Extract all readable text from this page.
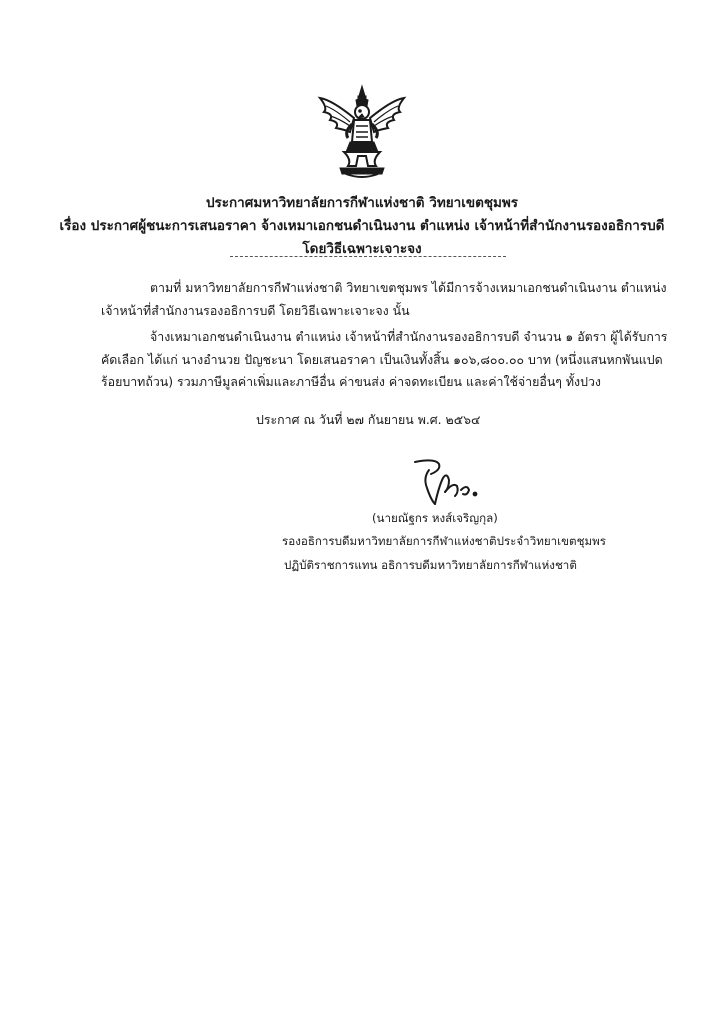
ประกาศมหาวิทยาลัยการกีฬาแห่งชาติ วิทยาเขตชุมพร
เรื่อง ประกาศผู้ชนะการเสนอราคา จ้างเหมาเอกชนดำเนินงาน ตำแหน่ง เจ้าหน้าที่สำนักงานรองอธิการบดี
โดยวิธีเฉพาะเจาะจง
ตามที่ มหาวิทยาลัยการกีฬาแห่งชาติ วิทยาเขตชุมพร ได้มีการจ้างเหมาเอกชนดำเนินงาน ตำแหน่ง
เจ้าหน้าที่สำนักงานรองอธิการบดี โดยวิธีเฉพาะเจาะจง นั้น
จ้างเหมาเอกชนดำเนินงาน ตำแหน่ง เจ้าหน้าที่สำนักงานรองอธิการบดี จำนวน ๑ อัตรา ผู้ได้รับการ
คัดเลือก ได้แก่ นางอำนวย ปัญชะนา โดยเสนอราคา เป็นเงินทั้งสิ้น ๑๐๖,๘๐๐.๐๐ บาท (หนึ่งแสนหกพันแปด
ร้อยบาทถ้วน) รวมภาษีมูลค่าเพิ่มและภาษีอื่น ค่าขนส่ง ค่าจดทะเบียน และค่าใช้จ่ายอื่นๆ ทั้งปวง
ประกาศ ณ วันที่ ๒๗ กันยายน พ.ศ. ๒๕๖๔
(นายณัฐกร หงส์เจริญกุล)
รองอธิการบดีมหาวิทยาลัยการกีฬาแห่งชาติประจำวิทยาเขตชุมพร
ปฏิบัติราชการแทน อธิการบดีมหาวิทยาลัยการกีฬาแห่งชาติ
